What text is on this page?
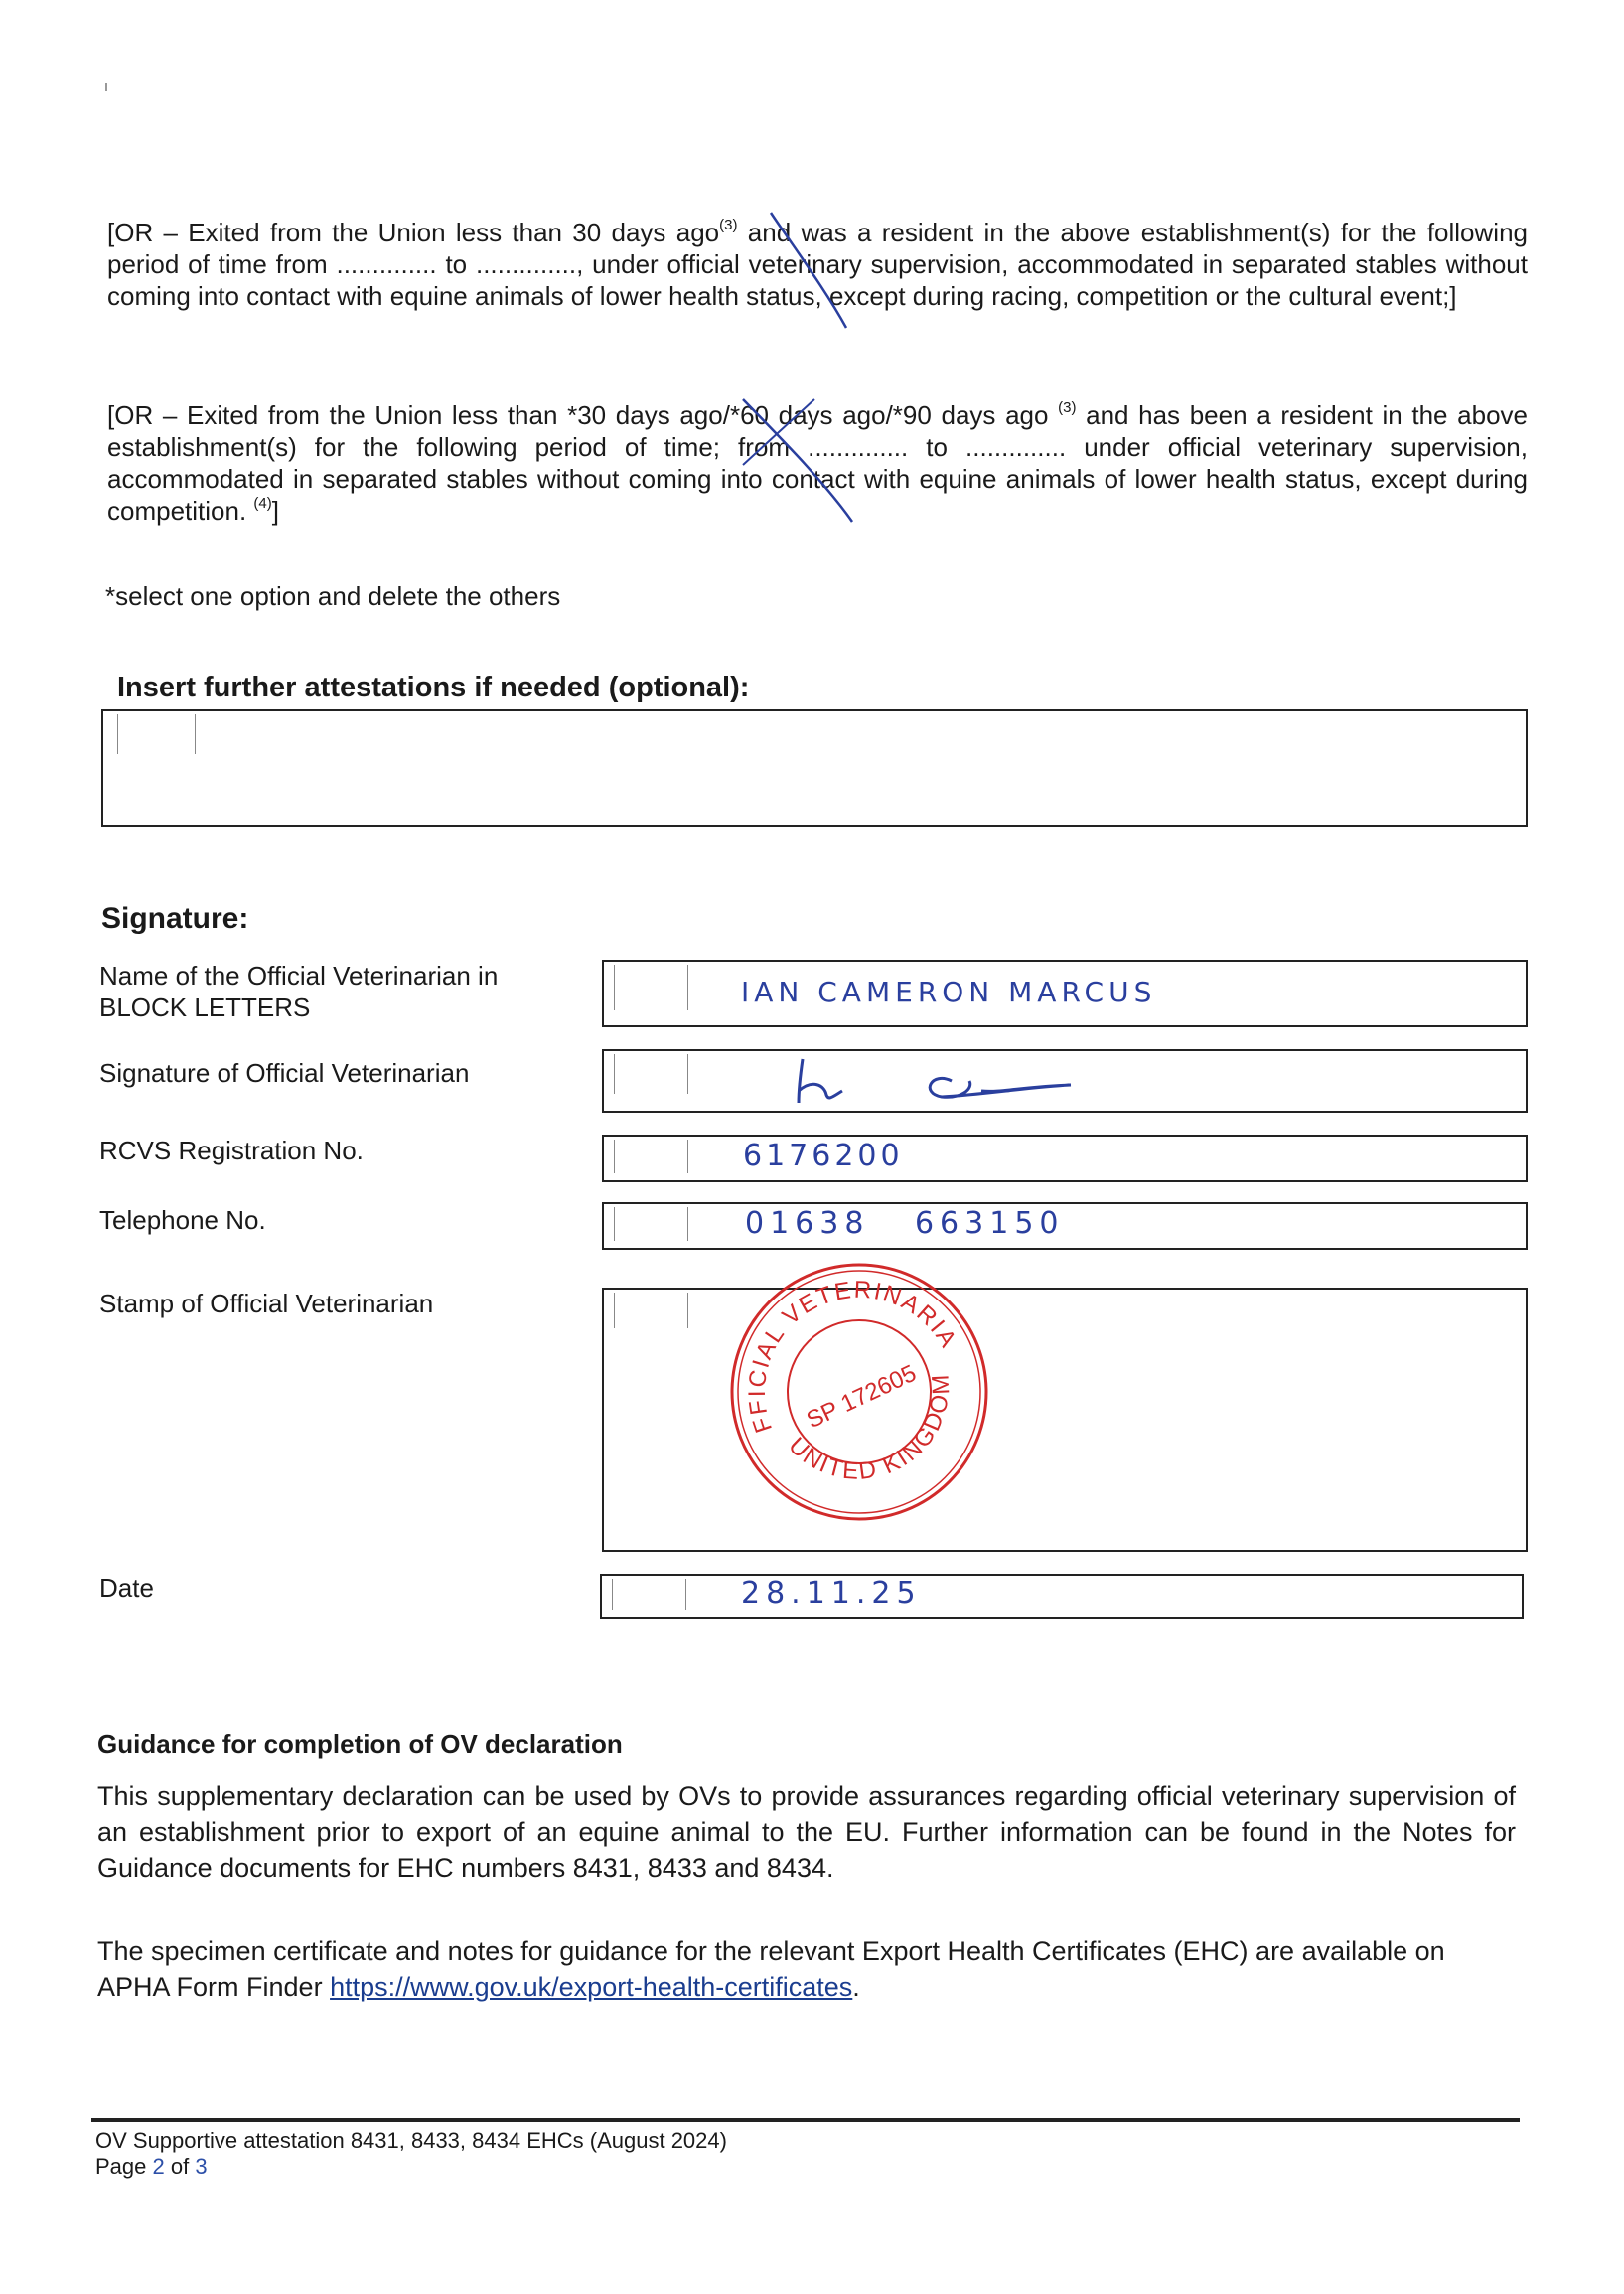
[OR – Exited from the Union less than 30 days ago$^{(3)}$ and was a resident in the above establishment(s) for the following period of time from .............. to .............., under official veterinary supervision, accommodated in separated stables without coming into contact with equine animals of lower health status, except during racing, competition or the cultural event;]
[OR – Exited from the Union less than *30 days ago/*60 days ago/*90 days ago $^{(3)}$ and has been a resident in the above establishment(s) for the following period of time; from .............. to .............. under official veterinary supervision, accommodated in separated stables without coming into contact with equine animals of lower health status, except during competition. $^{(4)}$]
*select one option and delete the others
Insert further attestations if needed (optional):
Signature:
Name of the Official Veterinarian in BLOCK LETTERS	IAN CAMERON MARCUS
Signature of Official Veterinarian
RCVS Registration No.	6176200
Telephone No.	01638 663150
Stamp of Official Veterinarian
OFFICIAL VETERINARIAN
UNITED KINGDOM
SP 172605
Date	28.11.25
Guidance for completion of OV declaration
This supplementary declaration can be used by OVs to provide assurances regarding official veterinary supervision of an establishment prior to export of an equine animal to the EU. Further information can be found in the Notes for Guidance documents for EHC numbers 8431, 8433 and 8434.
The specimen certificate and notes for guidance for the relevant Export Health Certificates (EHC) are available on APHA Form Finder https://www.gov.uk/export-health-certificates.
OV Supportive attestation 8431, 8433, 8434 EHCs (August 2024)
Page 2 of 3
